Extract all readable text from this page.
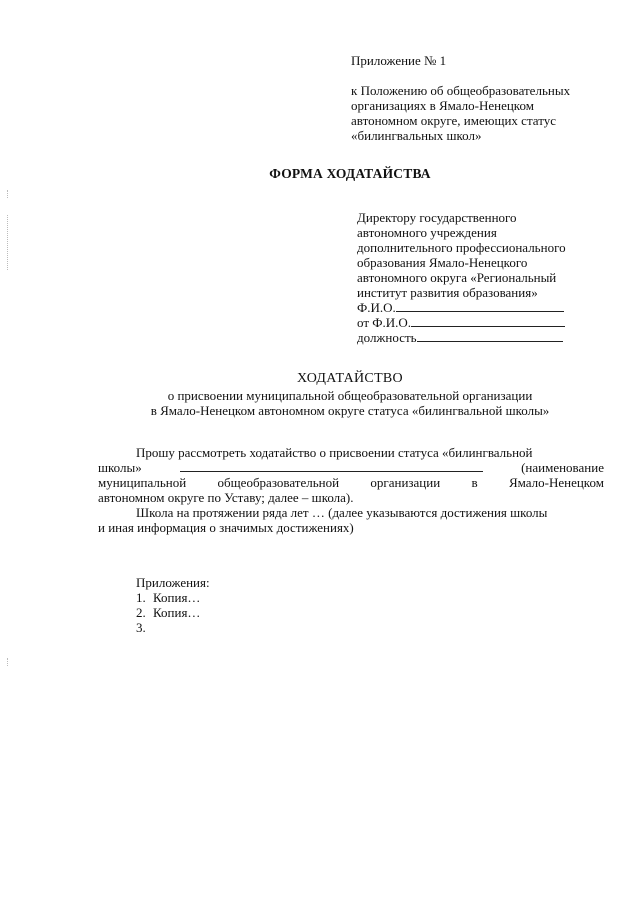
Приложение № 1
к Положению об общеобразовательных
организациях в Ямало-Ненецком
автономном округе, имеющих статус
«билингвальных школ»
ФОРМА ХОДАТАЙСТВА
Директору государственного
автономного учреждения
дополнительного профессионального
образования Ямало-Ненецкого
автономного округа «Региональный
институт развития образования»
Ф.И.О.
от Ф.И.О.
должность
ХОДАТАЙСТВО
о присвоении муниципальной общеобразовательной организации
в Ямало-Ненецком автономном округе статуса «билингвальной школы»
Прошу рассмотреть ходатайство о присвоении статуса «билингвальной
школы»	(наименование
муниципальной общеобразовательной организации в Ямало-Ненецком
автономном округе по Уставу; далее – школа).
Школа на протяжении ряда лет … (далее указываются достижения школы
и иная информация о значимых достижениях)
Приложения:
1. Копия…
2. Копия…
3.
